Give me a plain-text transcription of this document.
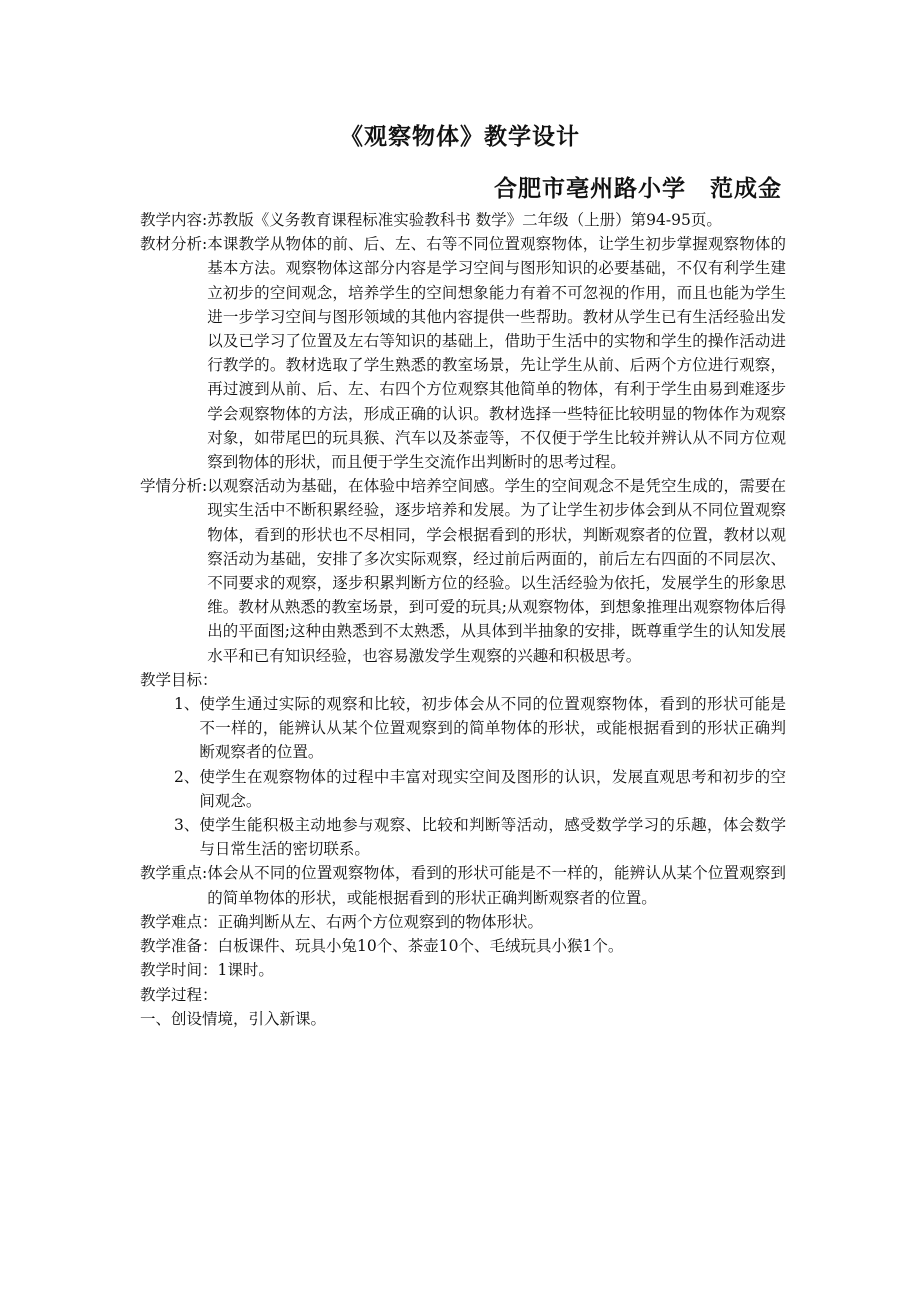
《观察物体》教学设计
合肥市亳州路小学　范成金
教学内容: 苏教版《义务教育课程标准实验教科书 数学》二年级（上册）第94-95页。
教材分析: 本课教学从物体的前、后、左、右等不同位置观察物体，让学生初步掌握观察物体的基本方法。观察物体这部分内容是学习空间与图形知识的必要基础，不仅有利学生建立初步的空间观念，培养学生的空间想象能力有着不可忽视的作用，而且也能为学生进一步学习空间与图形领域的其他内容提供一些帮助。教材从学生已有生活经验出发以及已学习了位置及左右等知识的基础上，借助于生活中的实物和学生的操作活动进行教学的。教材选取了学生熟悉的教室场景，先让学生从前、后两个方位进行观察，再过渡到从前、后、左、右四个方位观察其他简单的物体，有利于学生由易到难逐步学会观察物体的方法，形成正确的认识。教材选择一些特征比较明显的物体作为观察对象，如带尾巴的玩具猴、汽车以及茶壶等，不仅便于学生比较并辨认从不同方位观察到物体的形状，而且便于学生交流作出判断时的思考过程。
学情分析: 以观察活动为基础，在体验中培养空间感。学生的空间观念不是凭空生成的，需要在现实生活中不断积累经验，逐步培养和发展。为了让学生初步体会到从不同位置观察物体，看到的形状也不尽相同，学会根据看到的形状，判断观察者的位置，教材以观察活动为基础，安排了多次实际观察，经过前后两面的，前后左右四面的不同层次、不同要求的观察，逐步积累判断方位的经验。以生活经验为依托，发展学生的形象思维。教材从熟悉的教室场景，到可爱的玩具;从观察物体，到想象推理出观察物体后得出的平面图;这种由熟悉到不太熟悉，从具体到半抽象的安排，既尊重学生的认知发展水平和已有知识经验，也容易激发学生观察的兴趣和积极思考。
教学目标：
1、 使学生通过实际的观察和比较，初步体会从不同的位置观察物体，看到的形状可能是不一样的，能辨认从某个位置观察到的简单物体的形状，或能根据看到的形状正确判断观察者的位置。
2、 使学生在观察物体的过程中丰富对现实空间及图形的认识，发展直观思考和初步的空间观念。
3、 使学生能积极主动地参与观察、比较和判断等活动，感受数学学习的乐趣，体会数学与日常生活的密切联系。
教学重点: 体会从不同的位置观察物体，看到的形状可能是不一样的，能辨认从某个位置观察到的简单物体的形状，或能根据看到的形状正确判断观察者的位置。
教学难点： 正确判断从左、右两个方位观察到的物体形状。
教学准备： 白板课件、玩具小兔10个、茶壶10个、毛绒玩具小猴1个。
教学时间： 1课时。
教学过程：
一、创设情境，引入新课。
